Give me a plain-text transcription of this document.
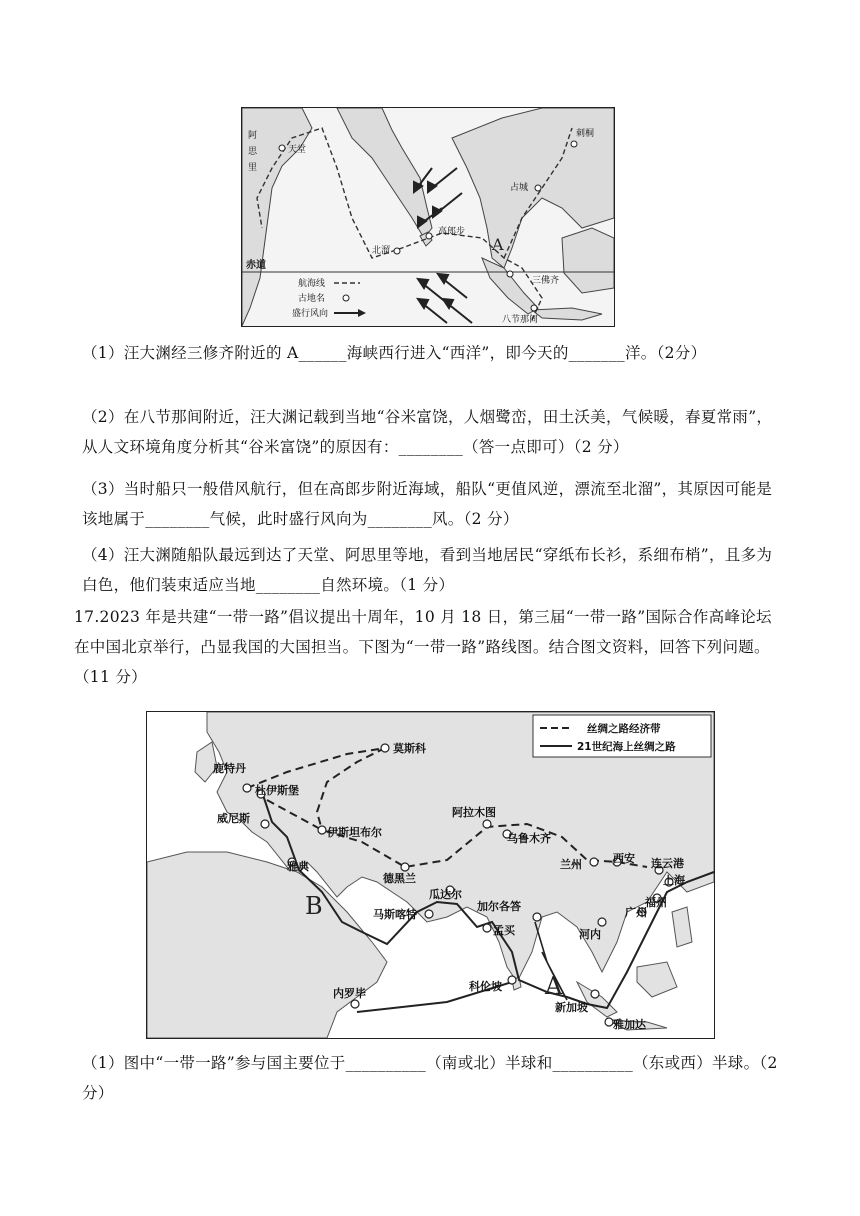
天堂
阿
思
里
高郎步
北溜
占城
刺桐
三佛齐
八节那间
赤道
A
航海线
古地名
盛行风向
（1）汪大渊经三修齐附近的 A______海峡西行进入“西洋”，即今天的_______洋。（2分）
（2）在八节那间附近，汪大渊记载到当地“谷米富饶，人烟鹭峦，田土沃美，气候暖，春夏常雨”，从人文环境角度分析其“谷米富饶”的原因有：________（答一点即可）（2 分）
（3）当时船只一般借风航行，但在高郎步附近海域，船队“更值风逆，漂流至北溜”，其原因可能是该地属于________气候，此时盛行风向为________风。（2 分）
（4）汪大渊随船队最远到达了天堂、阿思里等地，看到当地居民“穿纸布长衫，系细布梢”，且多为白色，他们装束适应当地________自然环境。（1 分）
17.2023 年是共建“一带一路”倡议提出十周年，10 月 18 日，第三届“一带一路”国际合作高峰论坛在中国北京举行，凸显我国的大国担当。下图为“一带一路”路线图。结合图文资料，回答下列问题。（11 分）
丝绸之路经济带
21世纪海上丝绸之路
莫斯科
鹿特丹
杜伊斯堡
威尼斯
伊斯坦布尔
雅典
阿拉木图
乌鲁木齐
兰州	西安 连云港
上海
德黑兰
瓜达尔
马斯喀特
加尔各答
孟买
福州
广州
河内
科伦坡
内罗毕
新加坡
雅加达
B
A
（1）图中“一带一路”参与国主要位于__________（南或北）半球和__________（东或西）半球。（2 分）
